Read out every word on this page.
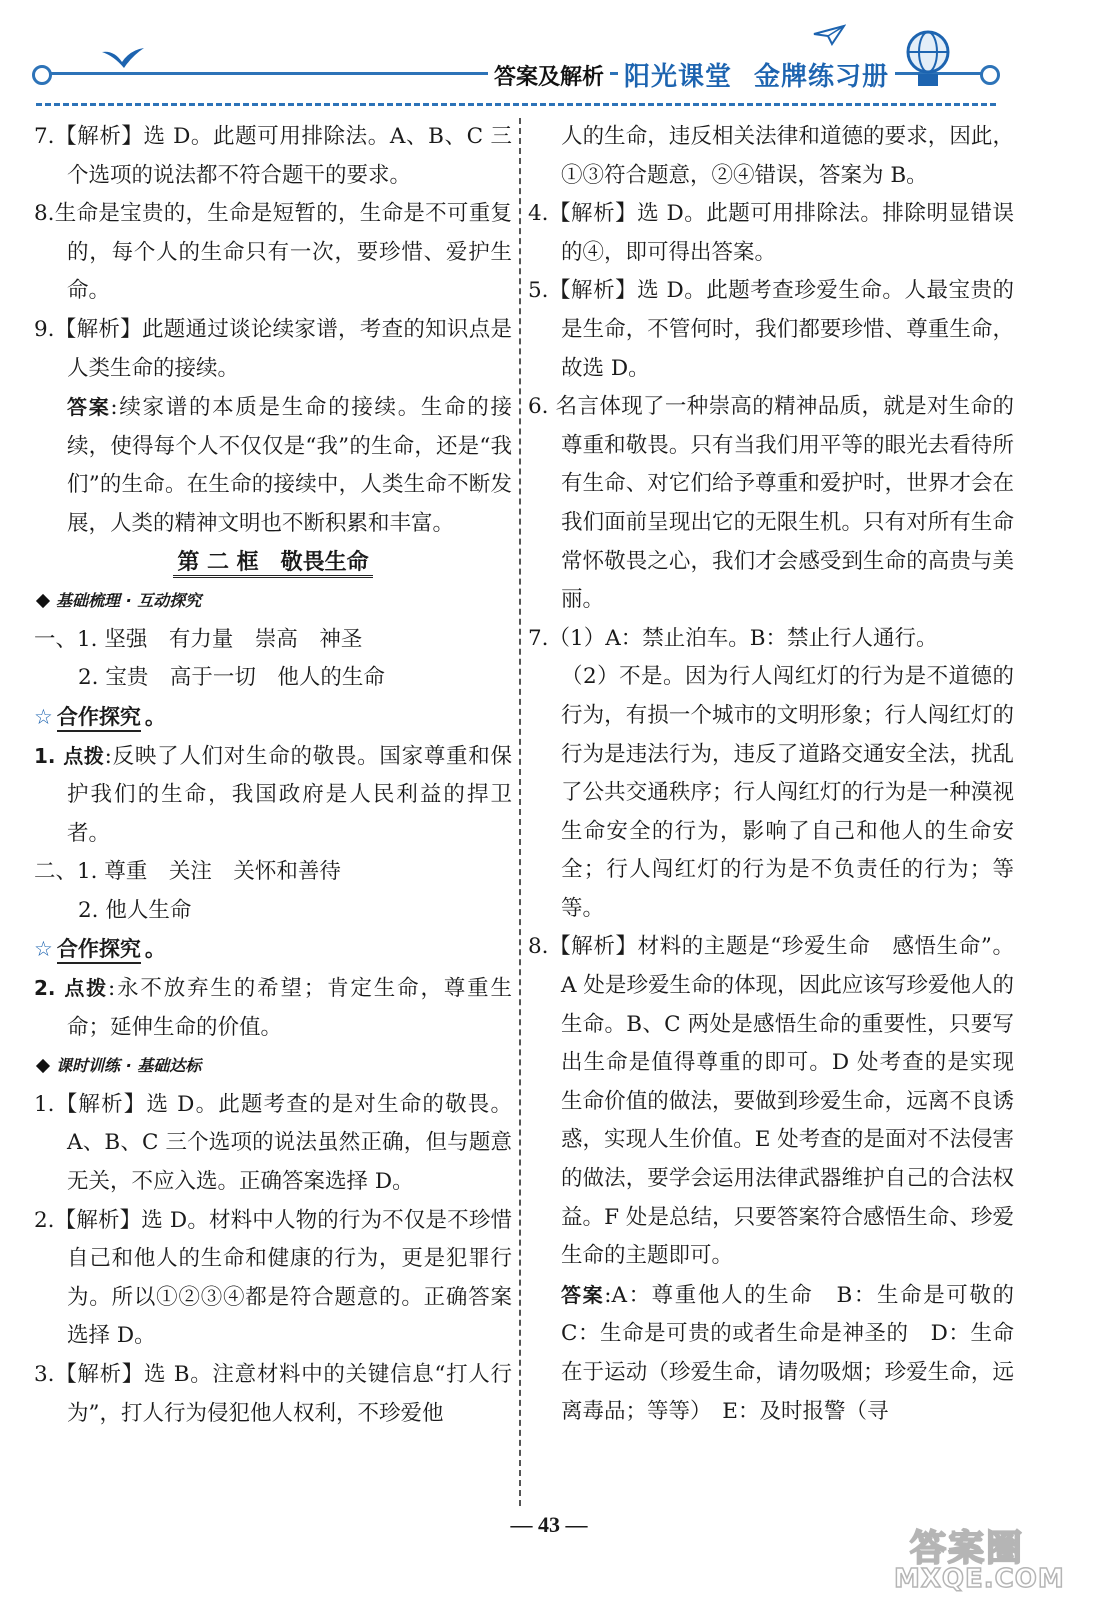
答案及解析 阳光课堂 金牌练习册

7.【解析】选 D。此题可用排除法。A、B、C 三个选项的说法都不符合题干的要求。

8.生命是宝贵的，生命是短暂的，生命是不可重复的，每个人的生命只有一次，要珍惜、爱护生命。

9.【解析】此题通过谈论续家谱，考查的知识点是人类生命的接续。

答案:续家谱的本质是生命的接续。生命的接续，使得每个人不仅仅是“我”的生命，还是“我们”的生命。在生命的接续中，人类生命不断发展，人类的精神文明也不断积累和丰富。

第 二 框　敬畏生命

基础梳理 · 互动探究

一、1. 坚强　有力量　崇高　神圣

2. 宝贵　高于一切　他人的生命

☆ 合作探究 。

1. 点拨:反映了人们对生命的敬畏。国家尊重和保护我们的生命，我国政府是人民利益的捍卫者。

二、1. 尊重　关注　关怀和善待

2. 他人生命

☆ 合作探究 。

2. 点拨:永不放弃生的希望；肯定生命，尊重生命；延伸生命的价值。

课时训练 · 基础达标

1.【解析】选 D。此题考查的是对生命的敬畏。A、B、C 三个选项的说法虽然正确，但与题意无关，不应入选。正确答案选择 D。

2.【解析】选 D。材料中人物的行为不仅是不珍惜自己和他人的生命和健康的行为，更是犯罪行为。所以①②③④都是符合题意的。正确答案选择 D。

3.【解析】选 B。注意材料中的关键信息“打人行为”，打人行为侵犯他人权利，不珍爱他

人的生命，违反相关法律和道德的要求，因此，①③符合题意，②④错误，答案为 B。

4.【解析】选 D。此题可用排除法。排除明显错误的④，即可得出答案。

5.【解析】选 D。此题考查珍爱生命。人最宝贵的是生命，不管何时，我们都要珍惜、尊重生命，故选 D。

6. 名言体现了一种崇高的精神品质，就是对生命的尊重和敬畏。只有当我们用平等的眼光去看待所有生命、对它们给予尊重和爱护时，世界才会在我们面前呈现出它的无限生机。只有对所有生命常怀敬畏之心，我们才会感受到生命的高贵与美丽。

7.（1）A：禁止泊车。B：禁止行人通行。

（2）不是。因为行人闯红灯的行为是不道德的行为，有损一个城市的文明形象；行人闯红灯的行为是违法行为，违反了道路交通安全法，扰乱了公共交通秩序；行人闯红灯的行为是一种漠视生命安全的行为，影响了自己和他人的生命安全；行人闯红灯的行为是不负责任的行为；等等。

8.【解析】材料的主题是“珍爱生命　感悟生命”。A 处是珍爱生命的体现，因此应该写珍爱他人的生命。B、C 两处是感悟生命的重要性，只要写出生命是值得尊重的即可。D 处考查的是实现生命价值的做法，要做到珍爱生命，远离不良诱惑，实现人生价值。E 处考查的是面对不法侵害的做法，要学会运用法律武器维护自己的合法权益。F 处是总结，只要答案符合感悟生命、珍爱生命的主题即可。

答案:A：尊重他人的生命　B：生命是可敬的　C：生命是可贵的或者生命是神圣的　D：生命在于运动（珍爱生命，请勿吸烟；珍爱生命，远离毒品；等等）　E：及时报警（寻

— 43 —
答案圈
MXQE.COM
